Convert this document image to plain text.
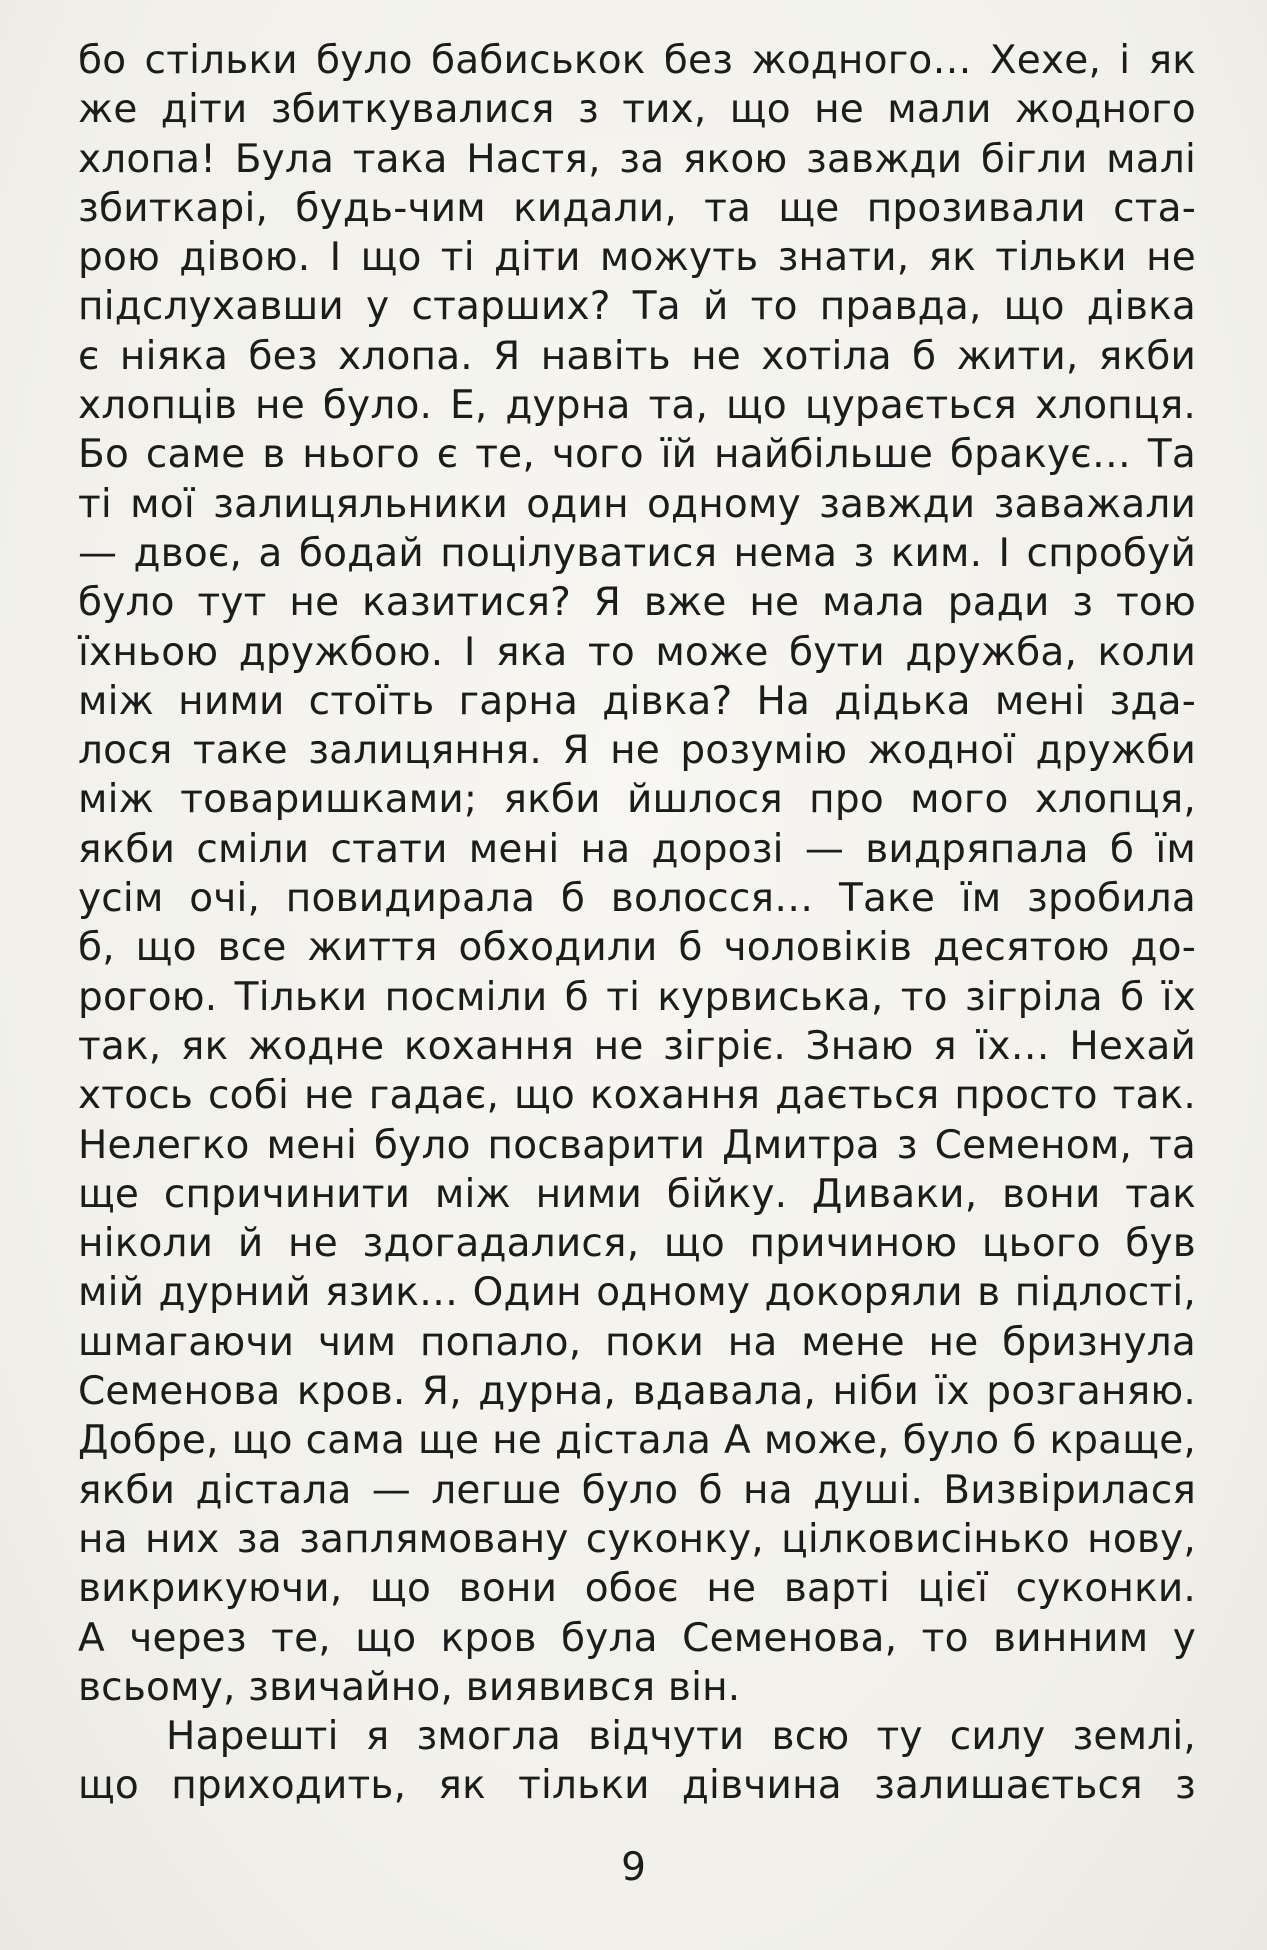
бо стільки було бабиськок без жодного… Хехе, і як
же діти збиткувалися з тих, що не мали жодного
хлопа! Була така Настя, за якою завжди бігли малі
збиткарі, будь-чим кидали, та ще прозивали ста-
рою дівою. І що ті діти можуть знати, як тільки не
підслухавши у старших? Та й то правда, що дівка
є ніяка без хлопа. Я навіть не хотіла б жити, якби
хлопців не було. Е, дурна та, що цурається хлопця.
Бо саме в нього є те, чого їй найбільше бракує… Та
ті мої залицяльники один одному завжди заважали
— двоє, а бодай поцілуватися нема з ким. І спробуй
було тут не казитися? Я вже не мала ради з тою
їхньою дружбою. І яка то може бути дружба, коли
між ними стоїть гарна дівка? На дідька мені зда-
лося таке залицяння. Я не розумію жодної дружби
між товаришками; якби йшлося про мого хлопця,
якби сміли стати мені на дорозі — видряпала б їм
усім очі, повидирала б волосся… Таке їм зробила
б, що все життя обходили б чоловіків десятою до-
рогою. Тільки посміли б ті курвиська, то зігріла б їх
так, як жодне кохання не зігріє. Знаю я їх… Нехай
хтось собі не гадає, що кохання дається просто так.
Нелегко мені було посварити Дмитра з Семеном, та
ще спричинити між ними бійку. Диваки, вони так
ніколи й не здогадалися, що причиною цього був
мій дурний язик… Один одному докоряли в підлості,
шмагаючи чим попало, поки на мене не бризнула
Семенова кров. Я, дурна, вдавала, ніби їх розганяю.
Добре, що сама ще не дістала А може, було б краще,
якби дістала — легше було б на душі. Визвірилася
на них за заплямовану суконку, цілковисінько нову,
викрикуючи, що вони обоє не варті цієї суконки.
А через те, що кров була Семенова, то винним у
всьому, звичайно, виявився він.
Нарешті я змогла відчути всю ту силу землі,
що приходить, як тільки дівчина залишається з
9
